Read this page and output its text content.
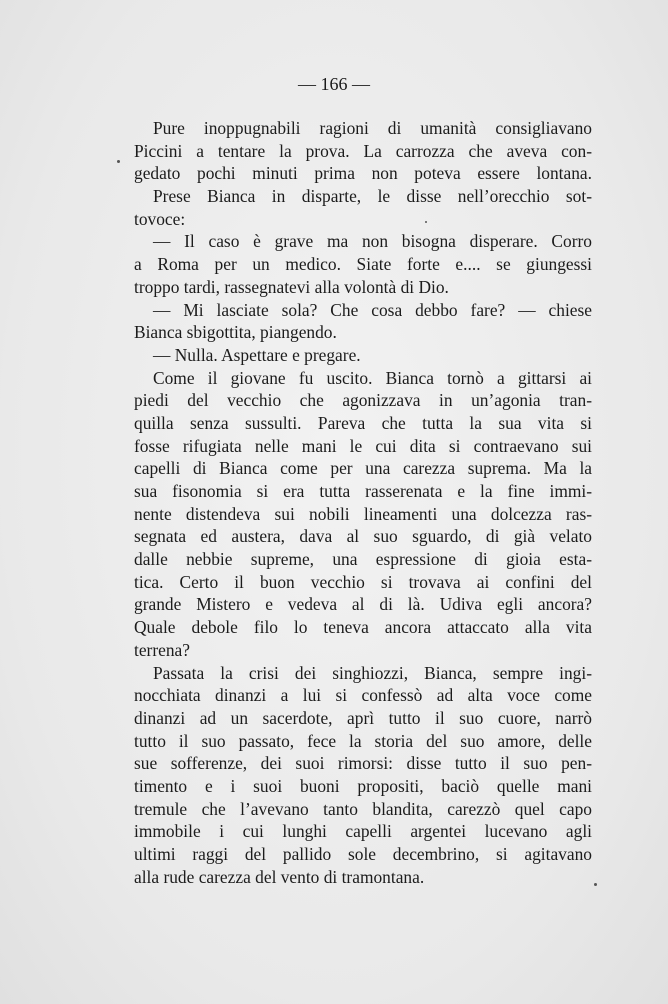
— 166 —
Pure inoppugnabili ragioni di umanità consigliavano
Piccini a tentare la prova. La carrozza che aveva con-
gedato pochi minuti prima non poteva essere lontana.
Prese Bianca in disparte, le disse nell’orecchio sot-
tovoce:
— Il caso è grave ma non bisogna disperare. Corro
a Roma per un medico. Siate forte e.... se giungessi
troppo tardi, rassegnatevi alla volontà di Dio.
— Mi lasciate sola? Che cosa debbo fare? — chiese
Bianca sbigottita, piangendo.
— Nulla. Aspettare e pregare.
Come il giovane fu uscito. Bianca tornò a gittarsi ai
piedi del vecchio che agonizzava in un’agonia tran-
quilla senza sussulti. Pareva che tutta la sua vita si
fosse rifugiata nelle mani le cui dita si contraevano sui
capelli di Bianca come per una carezza suprema. Ma la
sua fisonomia si era tutta rasserenata e la fine immi-
nente distendeva sui nobili lineamenti una dolcezza ras-
segnata ed austera, dava al suo sguardo, di già velato
dalle nebbie supreme, una espressione di gioia esta-
tica. Certo il buon vecchio si trovava ai confini del
grande Mistero e vedeva al di là. Udiva egli ancora?
Quale debole filo lo teneva ancora attaccato alla vita
terrena?
Passata la crisi dei singhiozzi, Bianca, sempre ingi-
nocchiata dinanzi a lui si confessò ad alta voce come
dinanzi ad un sacerdote, aprì tutto il suo cuore, narrò
tutto il suo passato, fece la storia del suo amore, delle
sue sofferenze, dei suoi rimorsi: disse tutto il suo pen-
timento e i suoi buoni propositi, baciò quelle mani
tremule che l’avevano tanto blandita, carezzò quel capo
immobile i cui lunghi capelli argentei lucevano agli
ultimi raggi del pallido sole decembrino, si agitavano
alla rude carezza del vento di tramontana.
